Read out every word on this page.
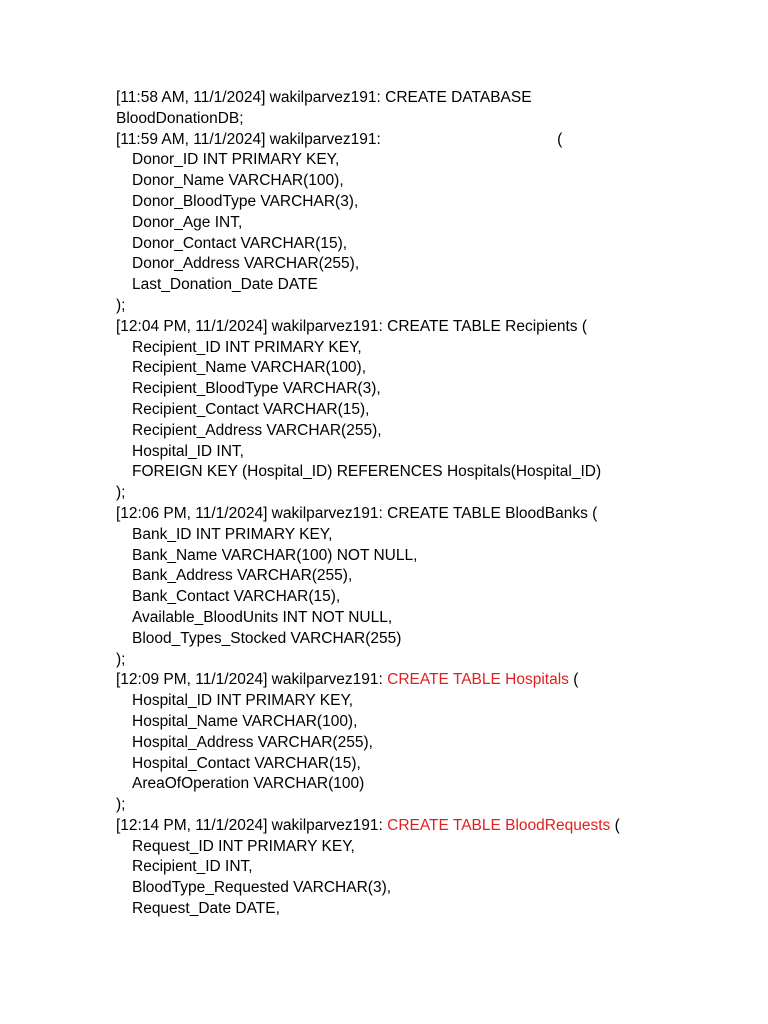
[11:58 AM, 11/1/2024] wakilparvez191: CREATE DATABASE
BloodDonationDB;
[11:59 AM, 11/1/2024] wakilparvez191:	(
Donor_ID INT PRIMARY KEY,
Donor_Name VARCHAR(100),
Donor_BloodType VARCHAR(3),
Donor_Age INT,
Donor_Contact VARCHAR(15),
Donor_Address VARCHAR(255),
Last_Donation_Date DATE
);
[12:04 PM, 11/1/2024] wakilparvez191: CREATE TABLE Recipients (
Recipient_ID INT PRIMARY KEY,
Recipient_Name VARCHAR(100),
Recipient_BloodType VARCHAR(3),
Recipient_Contact VARCHAR(15),
Recipient_Address VARCHAR(255),
Hospital_ID INT,
FOREIGN KEY (Hospital_ID) REFERENCES Hospitals(Hospital_ID)
);
[12:06 PM, 11/1/2024] wakilparvez191: CREATE TABLE BloodBanks (
Bank_ID INT PRIMARY KEY,
Bank_Name VARCHAR(100) NOT NULL,
Bank_Address VARCHAR(255),
Bank_Contact VARCHAR(15),
Available_BloodUnits INT NOT NULL,
Blood_Types_Stocked VARCHAR(255)
);
[12:09 PM, 11/1/2024] wakilparvez191: CREATE TABLE Hospitals (
Hospital_ID INT PRIMARY KEY,
Hospital_Name VARCHAR(100),
Hospital_Address VARCHAR(255),
Hospital_Contact VARCHAR(15),
AreaOfOperation VARCHAR(100)
);
[12:14 PM, 11/1/2024] wakilparvez191: CREATE TABLE BloodRequests (
Request_ID INT PRIMARY KEY,
Recipient_ID INT,
BloodType_Requested VARCHAR(3),
Request_Date DATE,
